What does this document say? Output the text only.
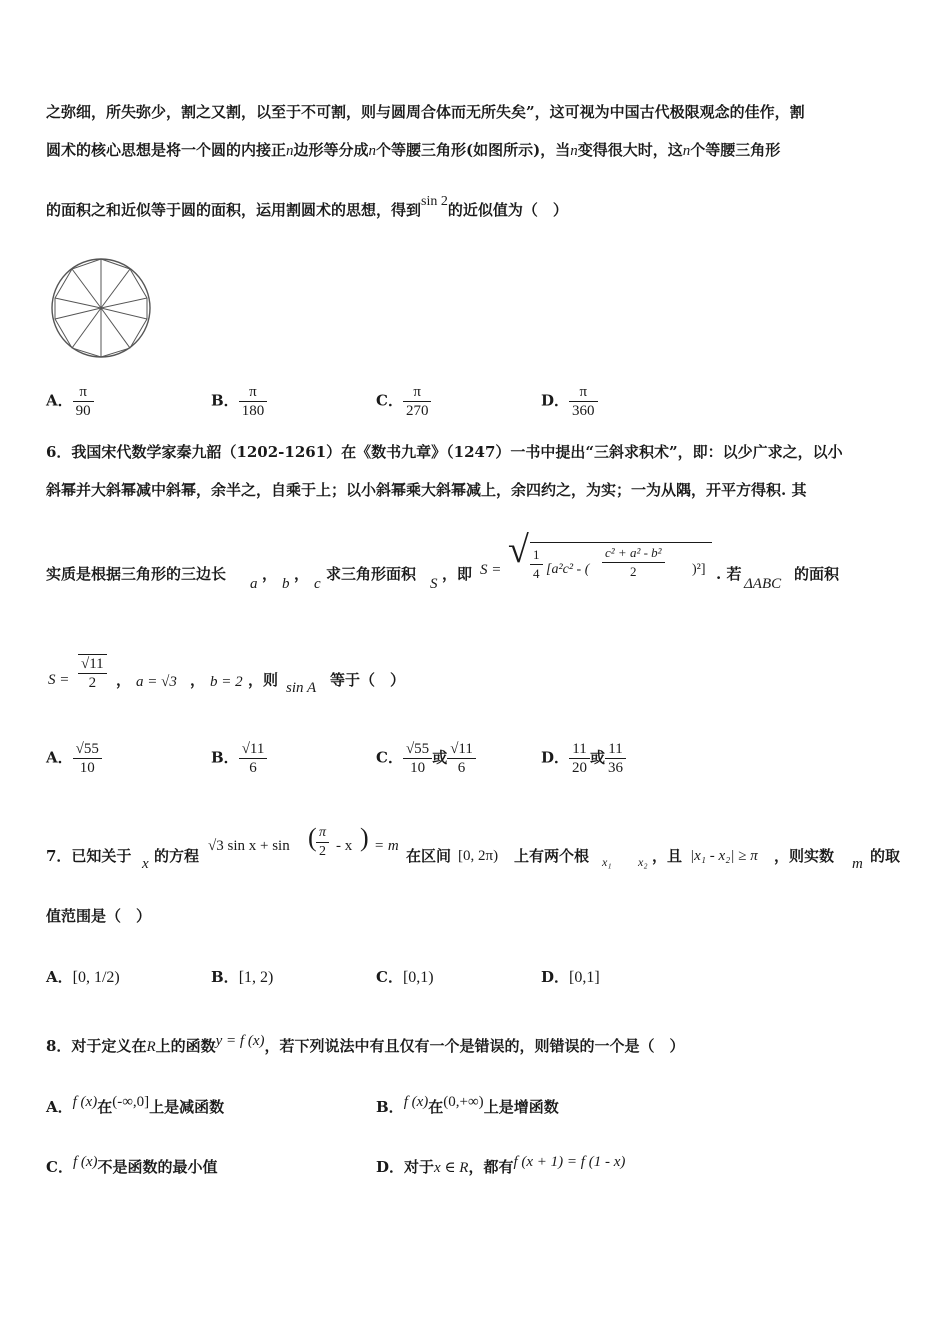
之弥细，所失弥少，割之又割，以至于不可割，则与圆周合体而无所失矣”，这可视为中国古代极限观念的佳作，割
圆术的核心思想是将一个圆的内接正n边形等分成n个等腰三角形(如图所示)，当n变得很大时，这n个等腰三角形
的面积之和近似等于圆的面积，运用割圆术的思想，得到sin 2的近似值为（　）
A． $\frac{\pi}{90}$	B． $\frac{\pi}{180}$	C． $\frac{\pi}{270}$	D． $\frac{\pi}{360}$
6．我国宋代数学家秦九韶（1202-1261）在《数书九章》（1247）一书中提出“三斜求积术”，即：以少广求之，以小
斜幂并大斜幂减中斜幂，余半之，自乘于上；以小斜幂乘大斜幂减上，余四约之，为实；一为从隅，开平方得积. 其
实质是根据三角形的三边长
a
，
b
，
c
求三角形面积
S
，即 S = √ $\frac{1}{4} [a^2c^2$ - ( $\frac{\text{c² + a² - b²}}{2} )^2$] . 若
ΔABC
的面积
$S = \frac{√11}{2}$ ， a = √3 ， b = 2 ，则 sin A 等于（　）
A． $\frac{√55}{10}$	B． $\frac{√11}{6}$	C． $\frac{√55}{10}$ 或 $\frac{√11}{6}$	D． $\frac{11}{20}$ 或 $\frac{11}{36}$
7．已知关于 x 的方程
√3 sin x + sin ( $\frac{\pi}{2}$ - x ) = m
在区间 [0, 2π) 上有两个根 x₁ x₂ ，且 |x₁ - x₂| ≥ π ，则实数 m 的取
值范围是（　）
A．[0, 1/2)	B．[1, 2)	C．[0,1)	D．[0,1]
8．对于定义在R上的函数y = f (x)，若下列说法中有且仅有一个是错误的，则错误的一个是（　）
A．f (x)在(-∞,0]上是减函数	B．f (x)在(0,+∞)上是增函数
C．f (x)不是函数的最小值	D．对于x ∈ R，都有f (x + 1) = f (1 - x)
